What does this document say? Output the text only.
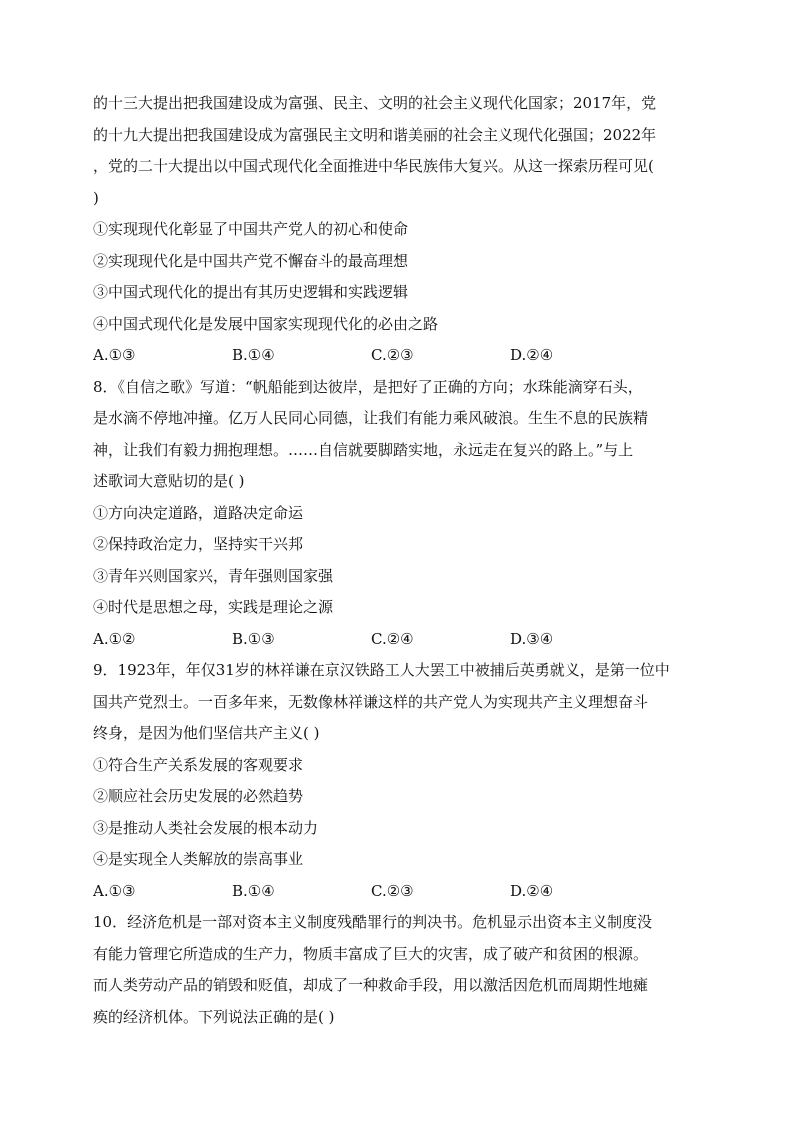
的十三大提出把我国建设成为富强、民主、文明的社会主义现代化国家；2017年，党
的十九大提出把我国建设成为富强民主文明和谐美丽的社会主义现代化强国；2022年
，党的二十大提出以中国式现代化全面推进中华民族伟大复兴。从这一探索历程可见(
)
①实现现代化彰显了中国共产党人的初心和使命
②实现现代化是中国共产党不懈奋斗的最高理想
③中国式现代化的提出有其历史逻辑和实践逻辑
④中国式现代化是发展中国家实现现代化的必由之路
A.①③	B.①④	C.②③	D.②④
8．《自信之歌》写道：“帆船能到达彼岸，是把好了正确的方向；水珠能滴穿石头，
是水滴不停地冲撞。亿万人民同心同德，让我们有能力乘风破浪。生生不息的民族精
神，让我们有毅力拥抱理想。……自信就要脚踏实地，永远走在复兴的路上。”与上
述歌词大意贴切的是( )
①方向决定道路，道路决定命运
②保持政治定力，坚持实干兴邦
③青年兴则国家兴，青年强则国家强
④时代是思想之母，实践是理论之源
A.①②	B.①③	C.②④	D.③④
9．1923年，年仅31岁的林祥谦在京汉铁路工人大罢工中被捕后英勇就义，是第一位中
国共产党烈士。一百多年来，无数像林祥谦这样的共产党人为实现共产主义理想奋斗
终身，是因为他们坚信共产主义( )
①符合生产关系发展的客观要求
②顺应社会历史发展的必然趋势
③是推动人类社会发展的根本动力
④是实现全人类解放的崇高事业
A.①③	B.①④	C.②③	D.②④
10．经济危机是一部对资本主义制度残酷罪行的判决书。危机显示出资本主义制度没
有能力管理它所造成的生产力，物质丰富成了巨大的灾害，成了破产和贫困的根源。
而人类劳动产品的销毁和贬值，却成了一种救命手段，用以激活因危机而周期性地瘫
痪的经济机体。下列说法正确的是( )
